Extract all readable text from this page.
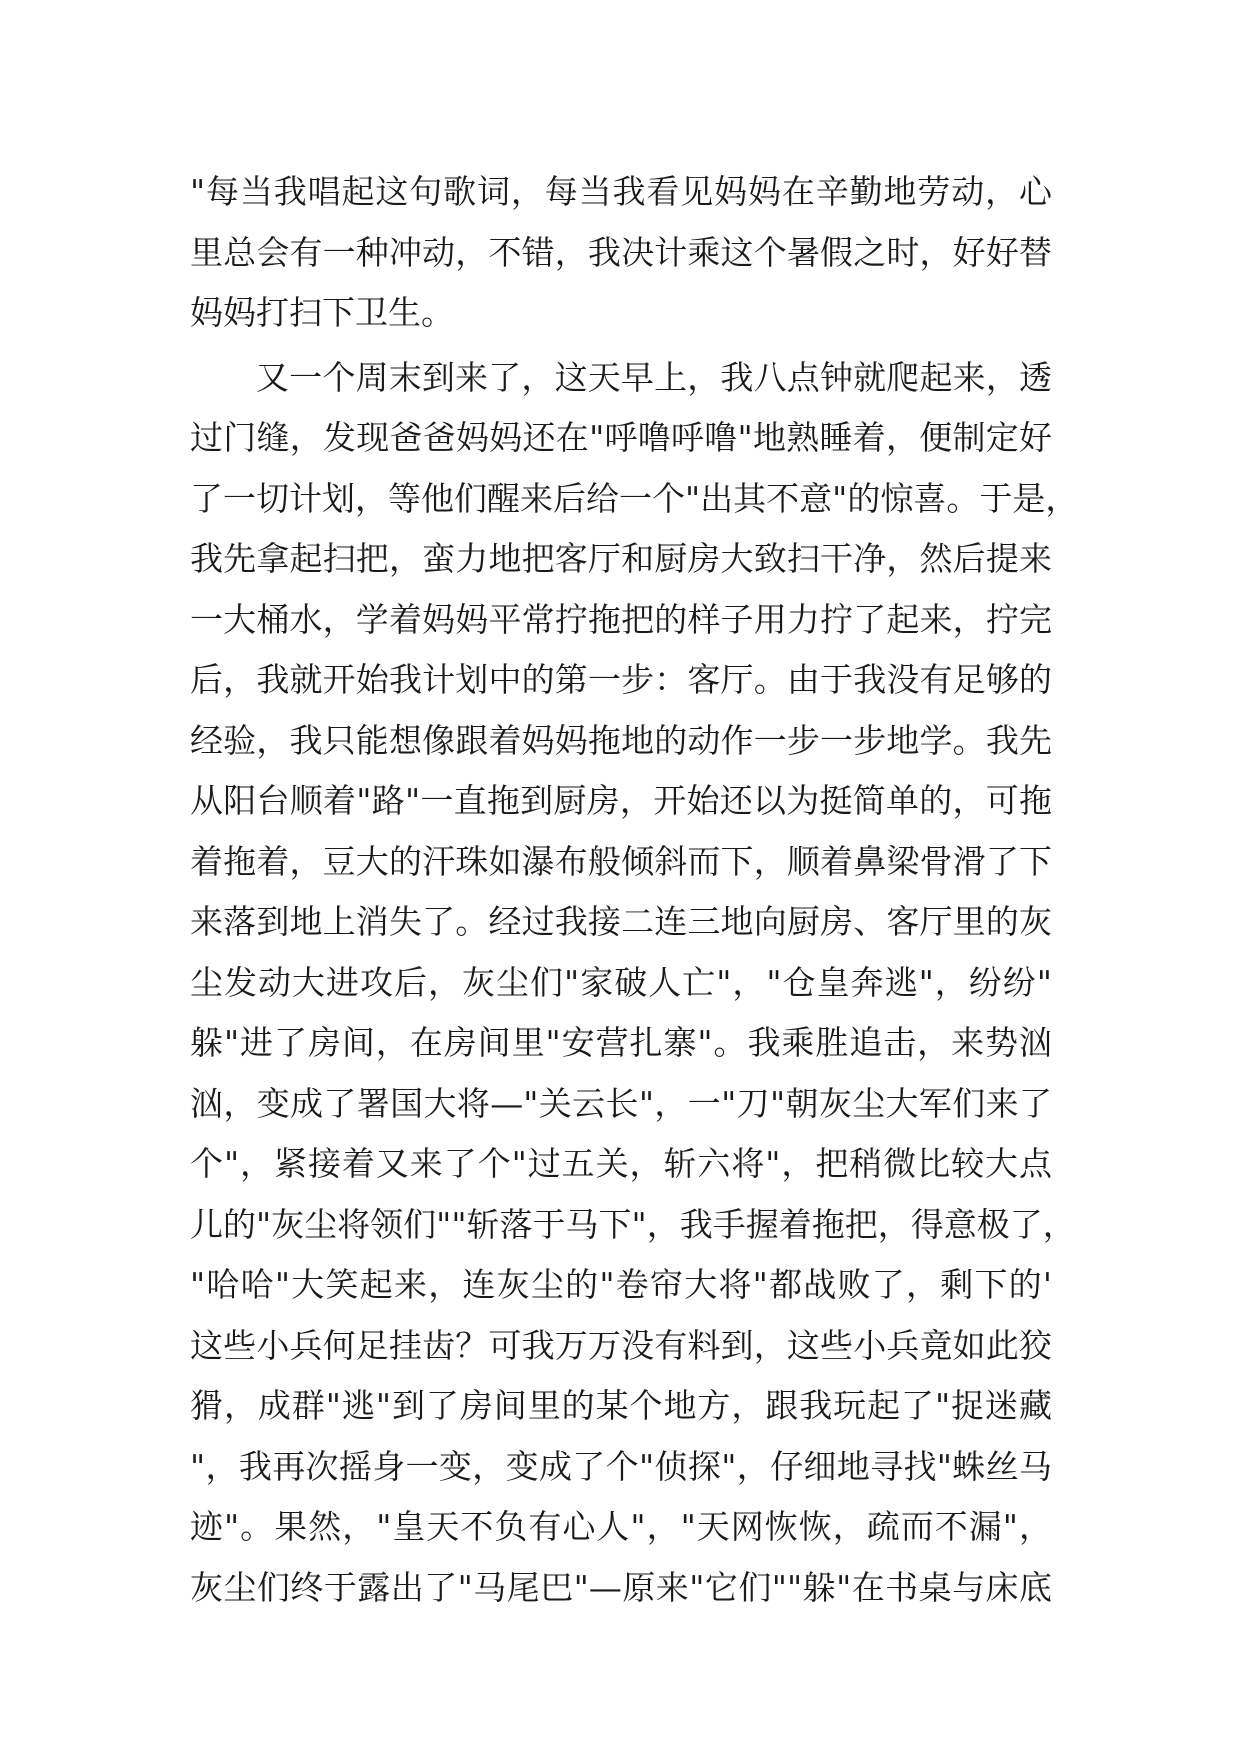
"每当我唱起这句歌词，每当我看见妈妈在辛勤地劳动，心
里总会有一种冲动，不错，我决计乘这个暑假之时，好好替
妈妈打扫下卫生。
又一个周末到来了，这天早上，我八点钟就爬起来，透
过门缝，发现爸爸妈妈还在"呼噜呼噜"地熟睡着，便制定好
了一切计划，等他们醒来后给一个"出其不意"的惊喜。于是，
我先拿起扫把，蛮力地把客厅和厨房大致扫干净，然后提来
一大桶水，学着妈妈平常拧拖把的样子用力拧了起来，拧完
后，我就开始我计划中的第一步：客厅。由于我没有足够的
经验，我只能想像跟着妈妈拖地的动作一步一步地学。我先
从阳台顺着"路"一直拖到厨房，开始还以为挺简单的，可拖
着拖着，豆大的汗珠如瀑布般倾斜而下，顺着鼻梁骨滑了下
来落到地上消失了。经过我接二连三地向厨房、客厅里的灰
尘发动大进攻后，灰尘们"家破人亡"，"仓皇奔逃"，纷纷"
躲"进了房间，在房间里"安营扎寨"。我乘胜追击，来势汹
汹，变成了署国大将—"关云长"，一"刀"朝灰尘大军们来了
个"，紧接着又来了个"过五关，斩六将"，把稍微比较大点
儿的"灰尘将领们""斩落于马下"，我手握着拖把，得意极了，
"哈哈"大笑起来，连灰尘的"卷帘大将"都战败了，剩下的'
这些小兵何足挂齿？可我万万没有料到，这些小兵竟如此狡
猾，成群"逃"到了房间里的某个地方，跟我玩起了"捉迷藏
"，我再次摇身一变，变成了个"侦探"，仔细地寻找"蛛丝马
迹"。果然，"皇天不负有心人"，"天网恢恢，疏而不漏"，
灰尘们终于露出了"马尾巴"—原来"它们""躲"在书桌与床底
